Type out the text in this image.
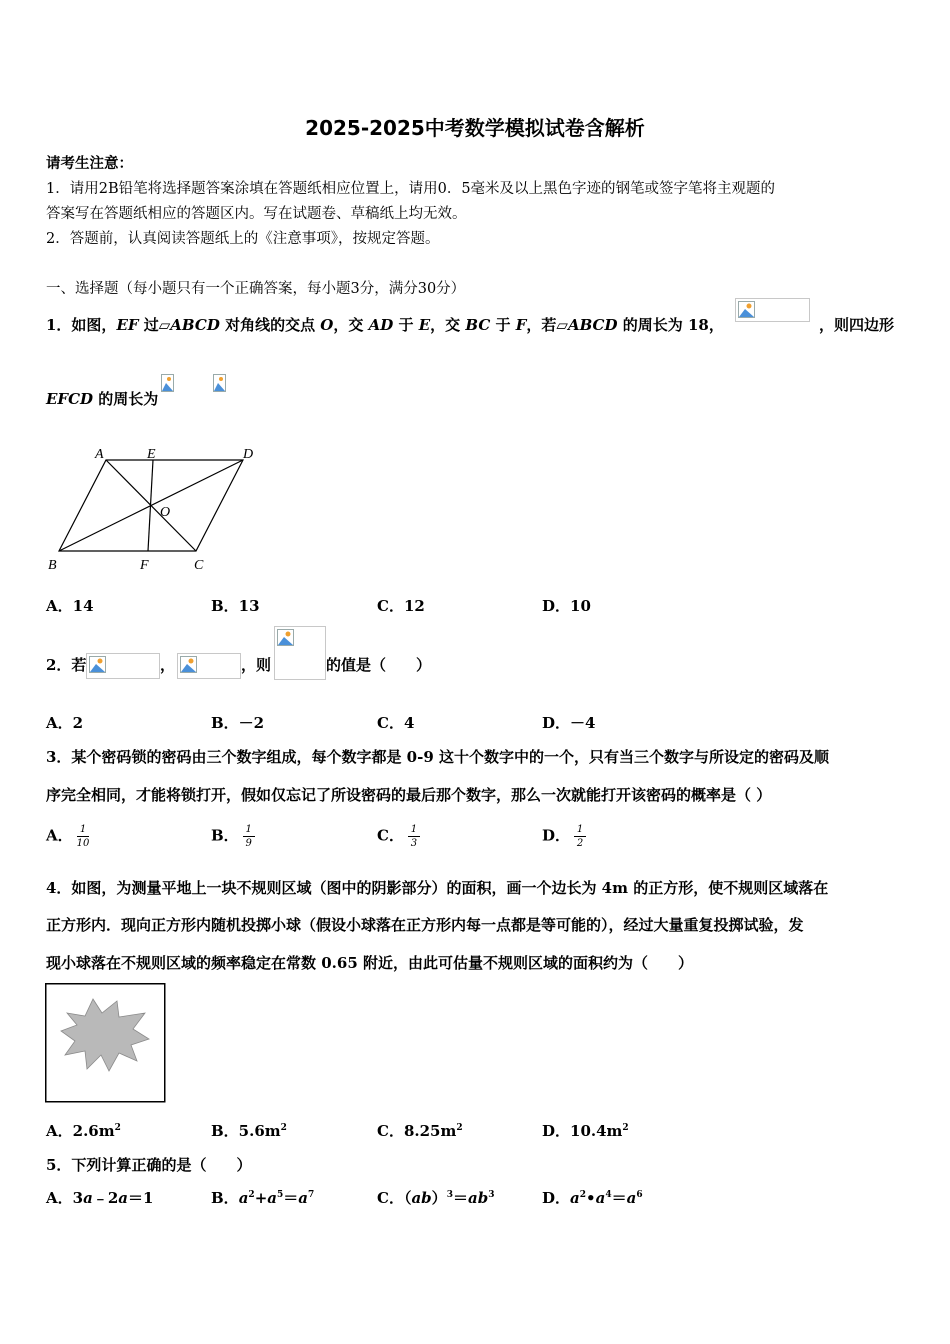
2025-2025中考数学模拟试卷含解析
请考生注意：
1．请用2B铅笔将选择题答案涂填在答题纸相应位置上，请用0．5毫米及以上黑色字迹的钢笔或签字笔将主观题的
答案写在答题纸相应的答题区内。写在试题卷、草稿纸上均无效。
2．答题前，认真阅读答题纸上的《注意事项》，按规定答题。
一、选择题（每小题只有一个正确答案，每小题3分，满分30分）
1．如图，EF 过▱ABCD 对角线的交点 O，交 AD 于 E，交 BC 于 F，若▱ABCD 的周长为 18，	，则四边形
EFCD 的周长为
A	E	D
O
B	F	C
A．14	B．13	C．12	D．10
2．若	，	，则	的值是（　　）
A．2	B．－2	C．4	D．－4
3．某个密码锁的密码由三个数字组成，每个数字都是 0-9 这十个数字中的一个，只有当三个数字与所设定的密码及顺
序完全相同，才能将锁打开，假如仅忘记了所设密码的最后那个数字，那么一次就能打开该密码的概率是（ ）
A． $\frac{1}{10}$	B． $\frac{1}{9}$	C． $\frac{1}{3}$	D． $\frac{1}{2}$
4．如图，为测量平地上一块不规则区域（图中的阴影部分）的面积，画一个边长为 4m 的正方形，使不规则区域落在
正方形内．现向正方形内随机投掷小球（假设小球落在正方形内每一点都是等可能的），经过大量重复投掷试验，发
现小球落在不规则区域的频率稳定在常数 0.65 附近，由此可估量不规则区域的面积约为（　　）
A．$2.6m^2$	B．$5.6m^2$	C．$8.25m^2$	D．$10.4m^2$
5．下列计算正确的是（　　）
A．3a﹣2a＝1	B．$a^2+a^5=a^7$	C．$(ab)^3=ab^3$	D．$a^2•a^4=a^6$
